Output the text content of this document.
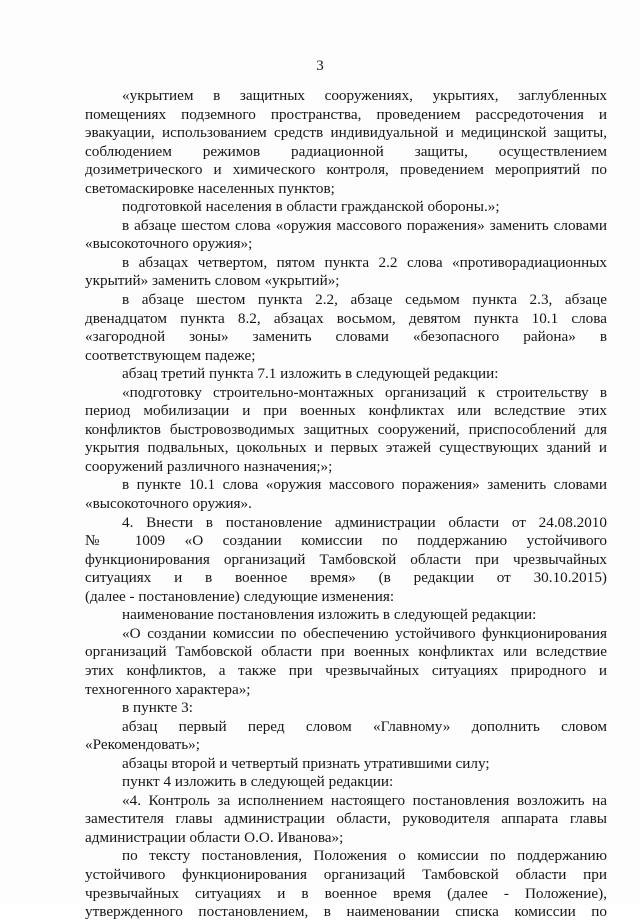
3
«укрытием в защитных сооружениях, укрытиях, заглубленных
помещениях подземного пространства, проведением рассредоточения и
эвакуации, использованием средств индивидуальной и медицинской защиты,
соблюдением режимов радиационной защиты, осуществлением
дозиметрического и химического контроля, проведением мероприятий по
светомаскировке населенных пунктов;
подготовкой населения в области гражданской обороны.»;
в абзаце шестом слова «оружия массового поражения» заменить словами
«высокоточного оружия»;
в абзацах четвертом, пятом пункта 2.2 слова «противорадиационных
укрытий» заменить словом «укрытий»;
в абзаце шестом пункта 2.2, абзаце седьмом пункта 2.3, абзаце
двенадцатом пункта 8.2, абзацах восьмом, девятом пункта 10.1 слова
«загородной зоны» заменить словами «безопасного района» в
соответствующем падеже;
абзац третий пункта 7.1 изложить в следующей редакции:
«подготовку строительно-монтажных организаций к строительству в
период мобилизации и при военных конфликтах или вследствие этих
конфликтов быстровозводимых защитных сооружений, приспособлений для
укрытия подвальных, цокольных и первых этажей существующих зданий и
сооружений различного назначения;»;
в пункте 10.1 слова «оружия массового поражения» заменить словами
«высокоточного оружия».
4. Внести в постановление администрации области от 24.08.2010
№ 1009 «О создании комиссии по поддержанию устойчивого
функционирования организаций Тамбовской области при чрезвычайных
ситуациях и в военное время» (в редакции от 30.10.2015)
(далее - постановление) следующие изменения:
наименование постановления изложить в следующей редакции:
«О создании комиссии по обеспечению устойчивого функционирования
организаций Тамбовской области при военных конфликтах или вследствие
этих конфликтов, а также при чрезвычайных ситуациях природного и
техногенного характера»;
в пункте 3:
абзац первый перед словом «Главному» дополнить словом
«Рекомендовать»;
абзацы второй и четвертый признать утратившими силу;
пункт 4 изложить в следующей редакции:
«4. Контроль за исполнением настоящего постановления возложить на
заместителя главы администрации области, руководителя аппарата главы
администрации области О.О. Иванова»;
по тексту постановления, Положения о комиссии по поддержанию
устойчивого функционирования организаций Тамбовской области при
чрезвычайных ситуациях и в военное время (далее - Положение),
утвержденного постановлением, в наименовании списка комиссии по
